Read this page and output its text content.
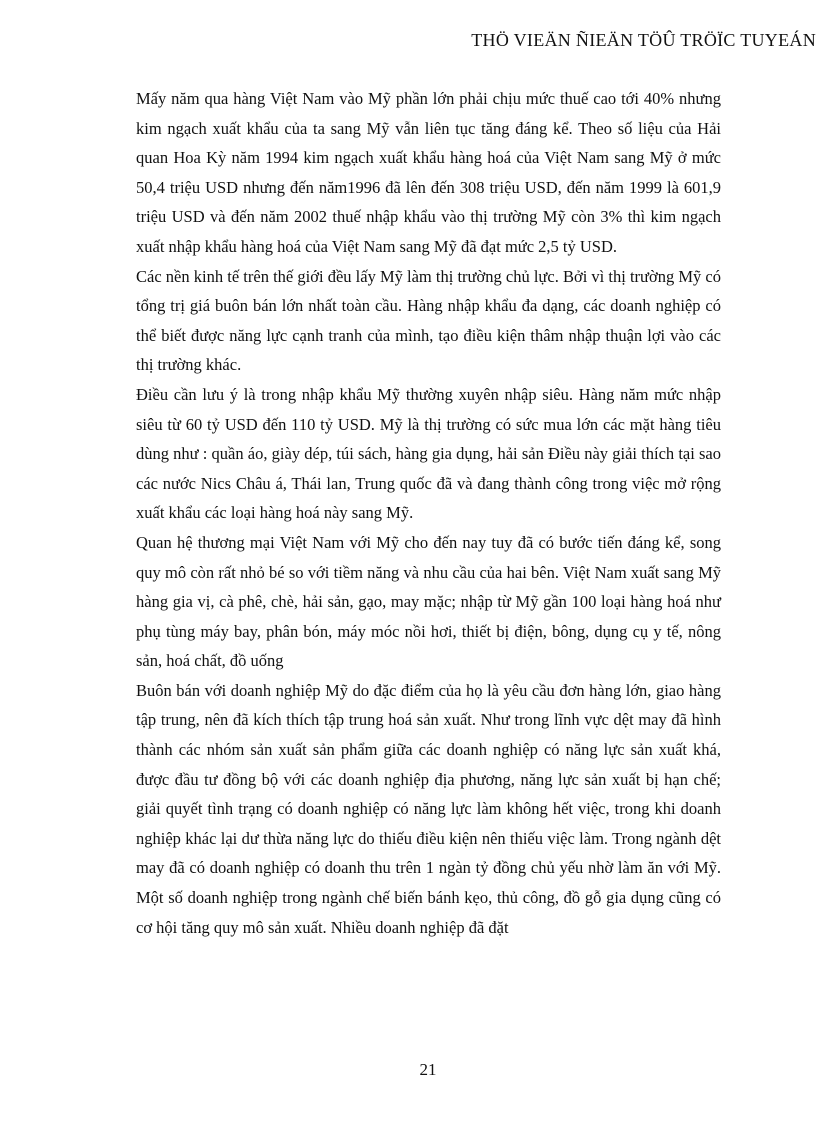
THÖ VIEÄN ÑIEÄN TÖÛ TRÖÏC TUYEÁN

Mấy năm qua hàng Việt Nam vào Mỹ phần lớn phải chịu mức thuế cao tới 40% nhưng kim ngạch xuất khẩu của ta sang Mỹ vẫn liên tục tăng đáng kể. Theo số liệu của Hải quan Hoa Kỳ năm 1994 kim ngạch xuất khẩu hàng hoá của Việt Nam sang Mỹ ở mức 50,4 triệu USD nhưng đến năm1996 đã lên đến 308 triệu USD, đến năm 1999 là 601,9 triệu USD và đến năm 2002 thuế nhập khẩu vào thị trường Mỹ còn 3% thì kim ngạch xuất nhập khẩu hàng hoá của Việt Nam sang Mỹ đã đạt mức 2,5 tỷ USD.

Các nền kinh tế trên thế giới đều lấy Mỹ làm thị trường chủ lực. Bởi vì thị trường Mỹ có tổng trị giá buôn bán lớn nhất toàn cầu. Hàng nhập khẩu đa dạng, các doanh nghiệp có thể biết được năng lực cạnh tranh của mình, tạo điều kiện thâm nhập thuận lợi vào các thị trường khác.

Điều cần lưu ý là trong nhập khẩu Mỹ thường xuyên nhập siêu. Hàng năm mức nhập siêu từ 60 tỷ USD đến 110 tỷ USD. Mỹ là thị trường có sức mua lớn các mặt hàng tiêu dùng như : quần áo, giày dép, túi sách, hàng gia dụng, hải sản Điều này giải thích tại sao các nước Nics Châu á, Thái lan, Trung quốc đã và đang thành công trong việc mở rộng xuất khẩu các loại hàng hoá này sang Mỹ.

Quan hệ thương mại Việt Nam với Mỹ cho đến nay tuy đã có bước tiến đáng kể, song quy mô còn rất nhỏ bé so với tiềm năng và nhu cầu của hai bên. Việt Nam xuất sang Mỹ hàng gia vị, cà phê, chè, hải sản, gạo, may mặc; nhập từ Mỹ gần 100 loại hàng hoá như phụ tùng máy bay, phân bón, máy móc nồi hơi, thiết bị điện, bông, dụng cụ y tế, nông sản, hoá chất, đồ uống

Buôn bán với doanh nghiệp Mỹ do đặc điểm của họ là yêu cầu đơn hàng lớn, giao hàng tập trung, nên đã kích thích tập trung hoá sản xuất. Như trong lĩnh vực dệt may đã hình thành các nhóm sản xuất sản phẩm giữa các doanh nghiệp có năng lực sản xuất khá, được đầu tư đồng bộ với các doanh nghiệp địa phương, năng lực sản xuất bị hạn chế; giải quyết tình trạng có doanh nghiệp có năng lực làm không hết việc, trong khi doanh nghiệp khác lại dư thừa năng lực do thiếu điều kiện nên thiếu việc làm. Trong ngành dệt may đã có doanh nghiệp có doanh thu trên 1 ngàn tỷ đồng chủ yếu nhờ làm ăn với Mỹ. Một số doanh nghiệp trong ngành chế biến bánh kẹo, thủ công, đồ gỗ gia dụng cũng có cơ hội tăng quy mô sản xuất. Nhiều doanh nghiệp đã đặt

21
